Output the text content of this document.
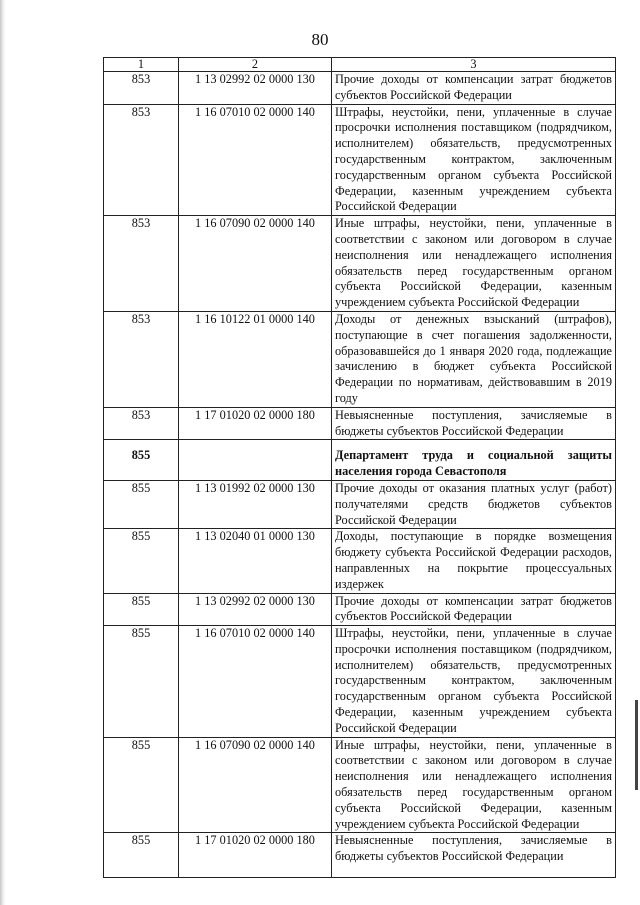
80
1	2	3
853	1 13 02992 02 0000 130	Прочие доходы от компенсации затрат бюджетов субъектов Российской Федерации
853	1 16 07010 02 0000 140	Штрафы, неустойки, пени, уплаченные в случае просрочки исполнения поставщиком (подрядчиком, исполнителем) обязательств, предусмотренных государственным контрактом, заключенным государственным органом субъекта Российской Федерации, казенным учреждением субъекта Российской Федерации
853	1 16 07090 02 0000 140	Иные штрафы, неустойки, пени, уплаченные в соответствии с законом или договором в случае неисполнения или ненадлежащего исполнения обязательств перед государственным органом субъекта Российской Федерации, казенным учреждением субъекта Российской Федерации
853	1 16 10122 01 0000 140	Доходы от денежных взысканий (штрафов), поступающие в счет погашения задолженности, образовавшейся до 1 января 2020 года, подлежащие зачислению в бюджет субъекта Российской Федерации по нормативам, действовавшим в 2019 году
853	1 17 01020 02 0000 180	Невыясненные поступления, зачисляемые в бюджеты субъектов Российской Федерации
855		Департамент труда и социальной защиты населения города Севастополя
855	1 13 01992 02 0000 130	Прочие доходы от оказания платных услуг (работ) получателями средств бюджетов субъектов Российской Федерации
855	1 13 02040 01 0000 130	Доходы, поступающие в порядке возмещения бюджету субъекта Российской Федерации расходов, направленных на покрытие процессуальных издержек
855	1 13 02992 02 0000 130	Прочие доходы от компенсации затрат бюджетов субъектов Российской Федерации
855	1 16 07010 02 0000 140	Штрафы, неустойки, пени, уплаченные в случае просрочки исполнения поставщиком (подрядчиком, исполнителем) обязательств, предусмотренных государственным контрактом, заключенным государственным органом субъекта Российской Федерации, казенным учреждением субъекта Российской Федерации
855	1 16 07090 02 0000 140	Иные штрафы, неустойки, пени, уплаченные в соответствии с законом или договором в случае неисполнения или ненадлежащего исполнения обязательств перед государственным органом субъекта Российской Федерации, казенным учреждением субъекта Российской Федерации
855	1 17 01020 02 0000 180	Невыясненные поступления, зачисляемые в бюджеты субъектов Российской Федерации
